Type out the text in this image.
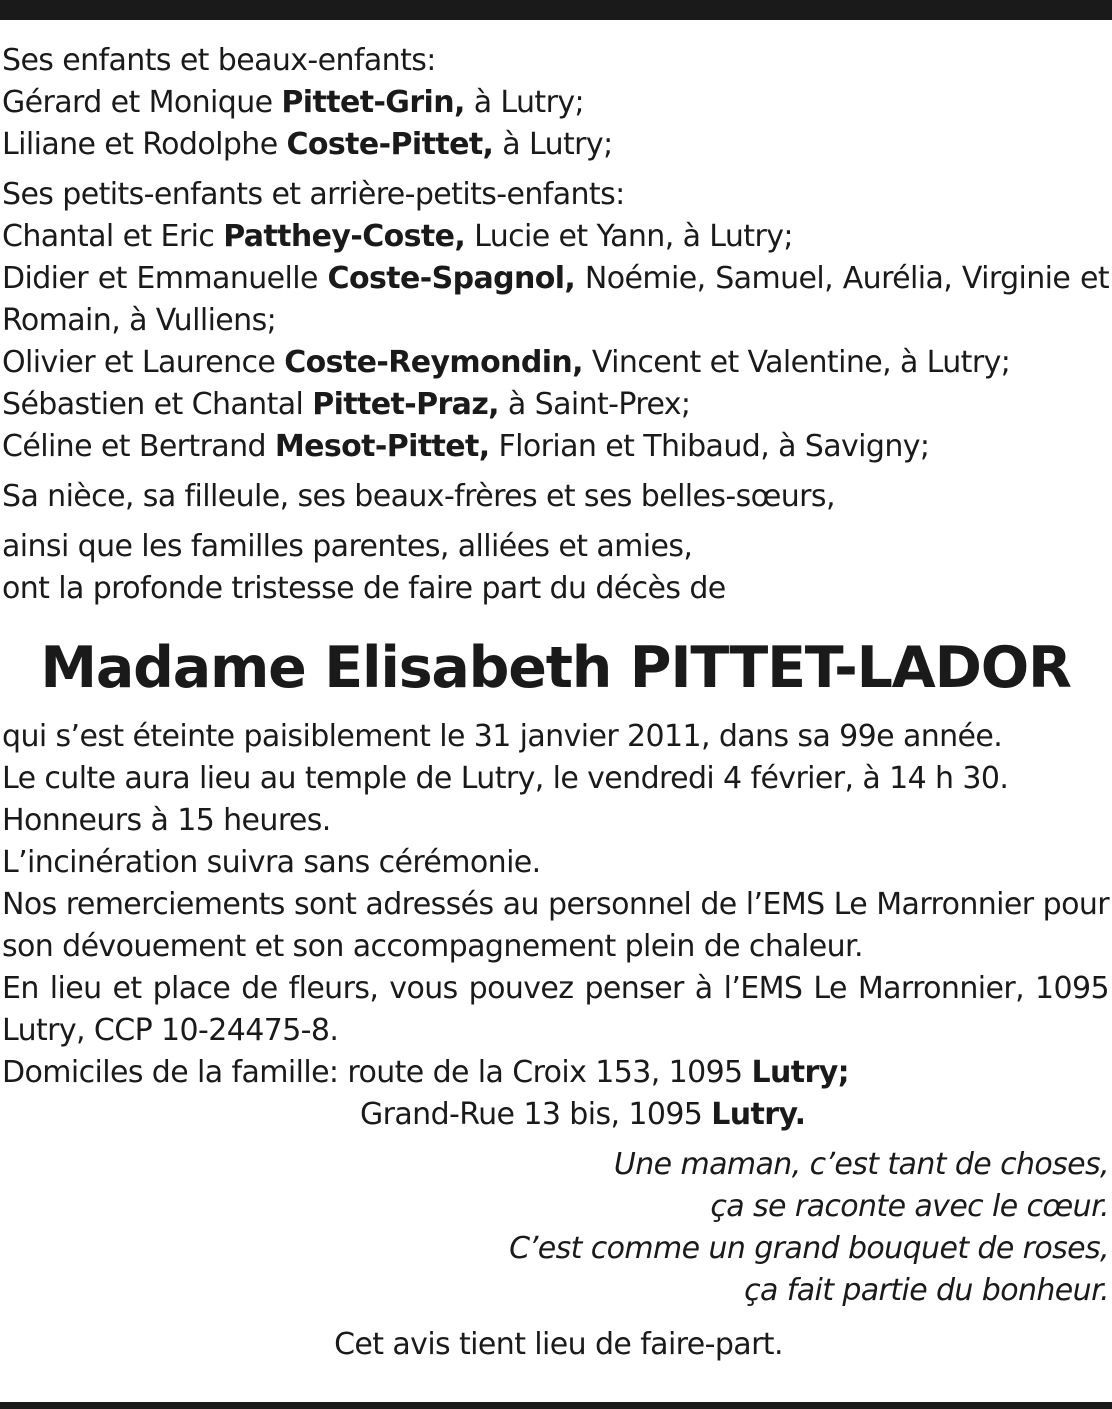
Ses enfants et beaux-enfants:
Gérard et Monique Pittet-Grin, à Lutry;
Liliane et Rodolphe Coste-Pittet, à Lutry;
Ses petits-enfants et arrière-petits-enfants:
Chantal et Eric Patthey-Coste, Lucie et Yann, à Lutry;
Didier et Emmanuelle Coste-Spagnol, Noémie, Samuel, Aurélia, Virginie et Romain, à Vulliens;
Olivier et Laurence Coste-Reymondin, Vincent et Valentine, à Lutry;
Sébastien et Chantal Pittet-Praz, à Saint-Prex;
Céline et Bertrand Mesot-Pittet, Florian et Thibaud, à Savigny;
Sa nièce, sa filleule, ses beaux-frères et ses belles-sœurs,
ainsi que les familles parentes, alliées et amies,
ont la profonde tristesse de faire part du décès de
Madame Elisabeth PITTET-LADOR
qui s’est éteinte paisiblement le 31 janvier 2011, dans sa 99e année.
Le culte aura lieu au temple de Lutry, le vendredi 4 février, à 14 h 30.
Honneurs à 15 heures.
L’incinération suivra sans cérémonie.
Nos remerciements sont adressés au personnel de l’EMS Le Marronnier pour son dévouement et son accompagnement plein de chaleur.
En lieu et place de fleurs, vous pouvez penser à l’EMS Le Marronnier, 1095 Lutry, CCP 10-24475-8.
Domiciles de la famille: route de la Croix 153, 1095 Lutry;
Grand-Rue 13 bis, 1095 Lutry.
Une maman, c’est tant de choses,
ça se raconte avec le cœur.
C’est comme un grand bouquet de roses,
ça fait partie du bonheur.
Cet avis tient lieu de faire-part.
